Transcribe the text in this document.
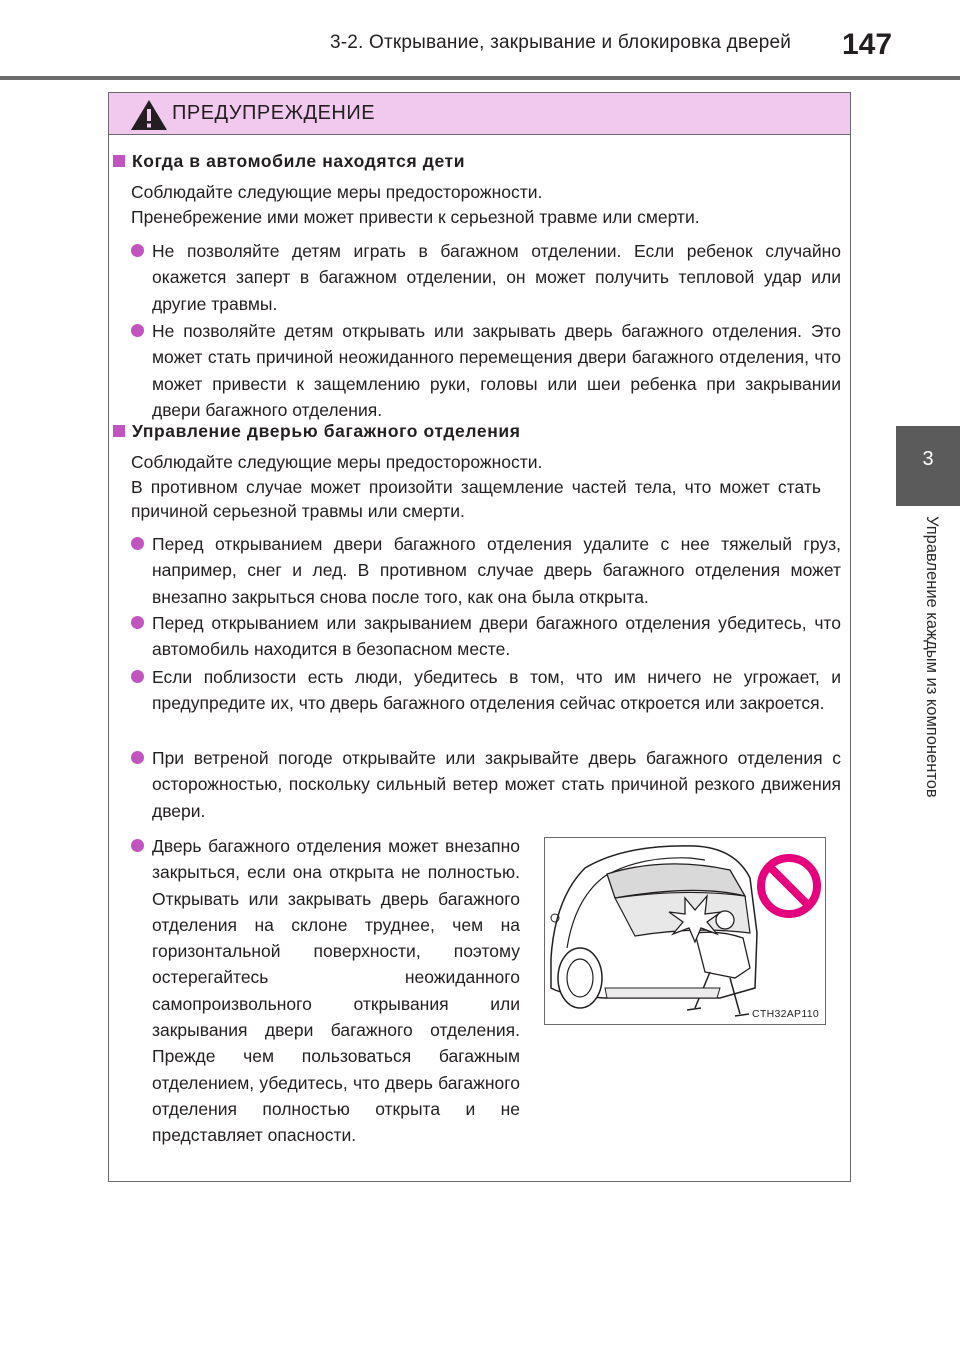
3-2. Открывание, закрывание и блокировка дверей 147
3
Управление каждым из компонентов
ПРЕДУПРЕЖДЕНИЕ
Когда в автомобиле находятся дети
Соблюдайте следующие меры предосторожности.
Пренебрежение ими может привести к серьезной травме или смерти.
Не позволяйте детям играть в багажном отделении. Если ребенок случайно окажется заперт в багажном отделении, он может получить тепловой удар или другие травмы.
Не позволяйте детям открывать или закрывать дверь багажного отделения. Это может стать причиной неожиданного перемещения двери багажного отделения, что может привести к защемлению руки, головы или шеи ребенка при закрывании двери багажного отделения.
Управление дверью багажного отделения
Соблюдайте следующие меры предосторожности.
В противном случае может произойти защемление частей тела, что может стать причиной серьезной травмы или смерти.
Перед открыванием двери багажного отделения удалите с нее тяжелый груз, например, снег и лед. В противном случае дверь багажного отделения может внезапно закрыться снова после того, как она была открыта.
Перед открыванием или закрыванием двери багажного отделения убедитесь, что автомобиль находится в безопасном месте.
Если поблизости есть люди, убедитесь в том, что им ничего не угрожает, и предупредите их, что дверь багажного отделения сейчас откроется или закроется.
При ветреной погоде открывайте или закрывайте дверь багажного отделения с осторожностью, поскольку сильный ветер может стать причиной резкого движения двери.
Дверь багажного отделения может внезапно закрыться, если она открыта не полностью. Открывать или закрывать дверь багажного отделения на склоне труднее, чем на горизонтальной поверхности, поэтому остерегайтесь неожиданного самопроизвольного открывания или закрывания двери багажного отделения. Прежде чем пользоваться багажным отделением, убедитесь, что дверь багажного отделения полностью открыта и не представляет опасности.
CTH32AP110
